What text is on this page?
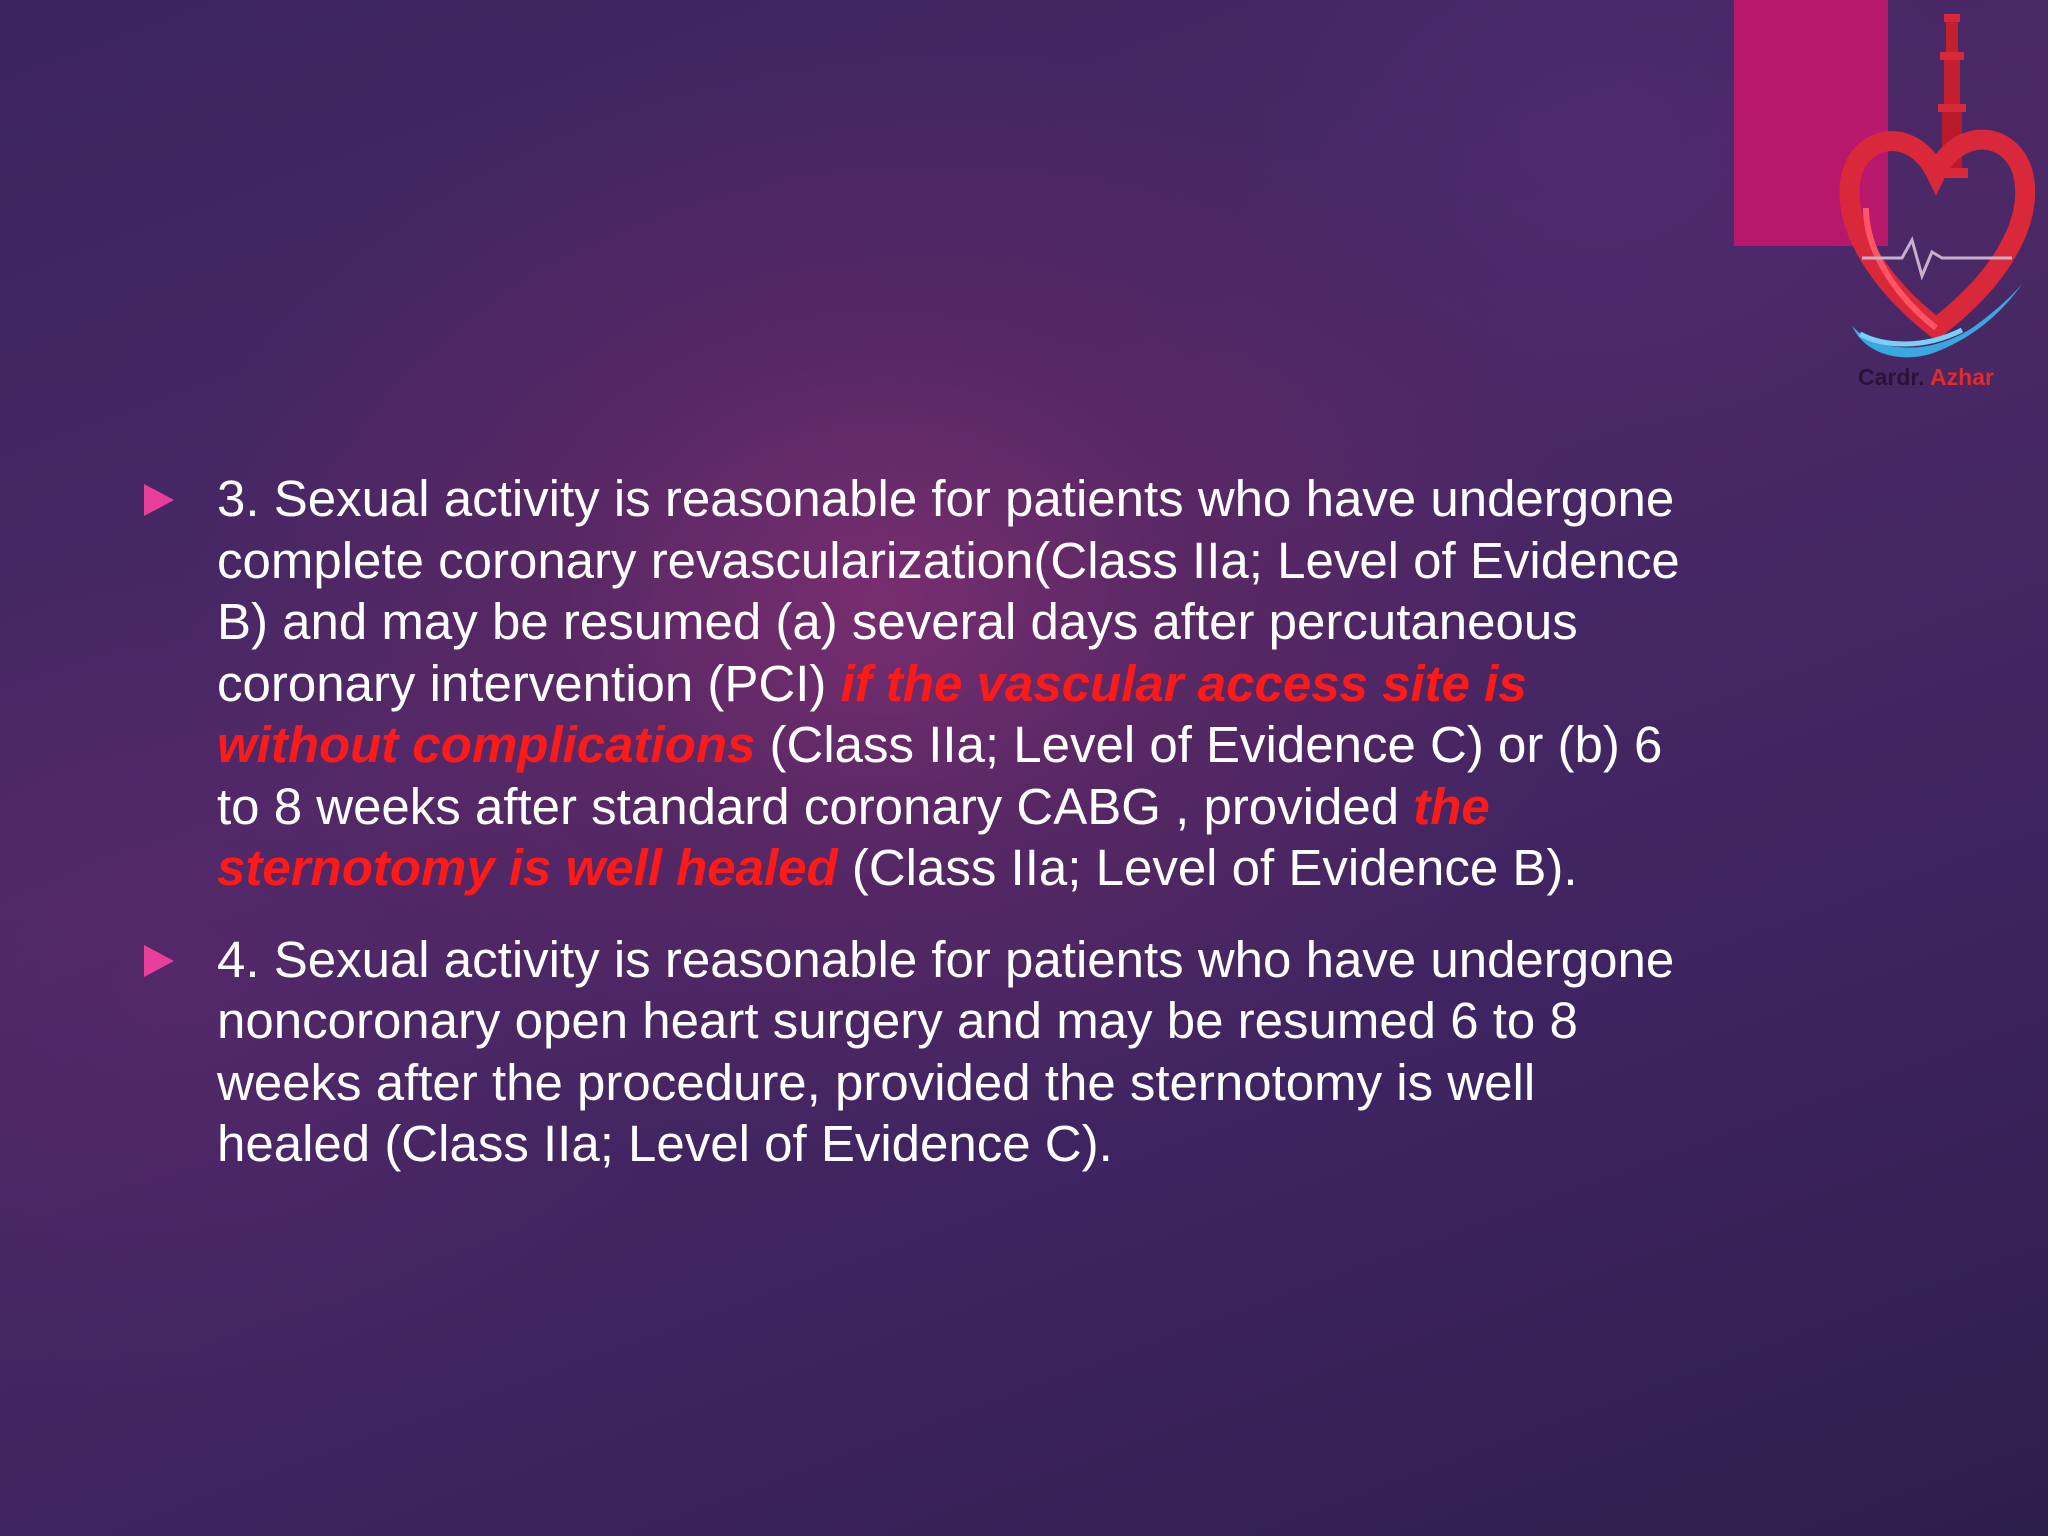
Cardr. Azhar
3. Sexual activity is reasonable for patients who have undergone complete coronary revascularization(Class IIa; Level of Evidence B) and may be resumed (a) several days after percutaneous coronary intervention (PCI) if the vascular access site is without complications (Class IIa; Level of Evidence C) or (b) 6 to 8 weeks after standard coronary CABG , provided the sternotomy is well healed (Class IIa; Level of Evidence B).
4. Sexual activity is reasonable for patients who have undergone noncoronary open heart surgery and may be resumed 6 to 8 weeks after the procedure, provided the sternotomy is well healed (Class IIa; Level of Evidence C).
